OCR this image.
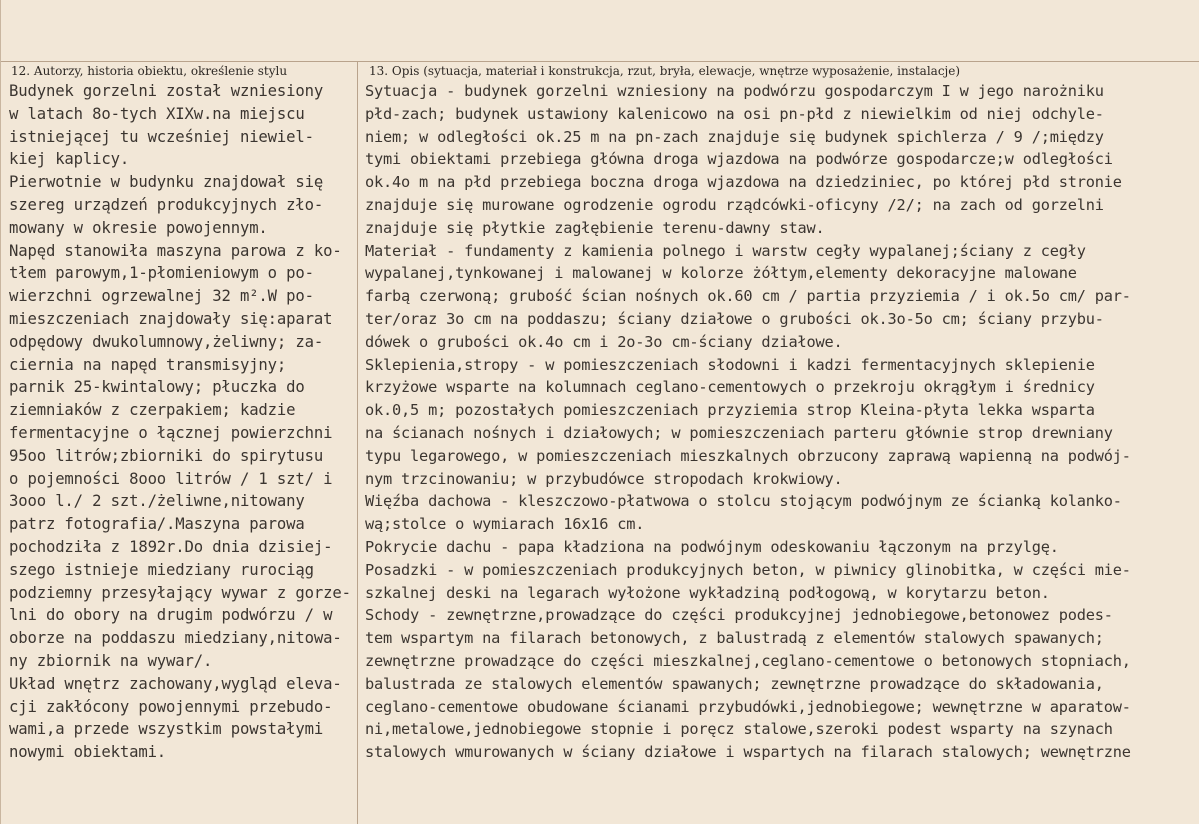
12. Autorzy, historia obiektu, określenie stylu	13. Opis (sytuacja, materiał i konstrukcja, rzut, bryła, elewacje, wnętrze wyposażenie, instalacje)
Budynek gorzelni został wzniesiony
w latach 8o-tych XIXw.na miejscu
istniejącej tu wcześniej niewiel-
kiej kaplicy.
Pierwotnie w budynku znajdował się
szereg urządzeń produkcyjnych zło-
mowany w okresie powojennym.
Napęd stanowiła maszyna parowa z ko-
tłem parowym,1-płomieniowym o po-
wierzchni ogrzewalnej 32 m².W po-
mieszczeniach znajdowały się:aparat
odpędowy dwukolumnowy,żeliwny; za-
ciernia na napęd transmisyjny;
parnik 25-kwintalowy; płuczka do
ziemniaków z czerpakiem; kadzie
fermentacyjne o łącznej powierzchni
95oo litrów;zbiorniki do spirytusu
o pojemności 8ooo litrów / 1 szt/ i
3ooo l./ 2 szt./żeliwne,nitowany
patrz fotografia/.Maszyna parowa
pochodziła z 1892r.Do dnia dzisiej-
szego istnieje miedziany rurociąg
podziemny przesyłający wywar z gorze-
lni do obory na drugim podwórzu / w
oborze na poddaszu miedziany,nitowa-
ny zbiornik na wywar/.
Układ wnętrz zachowany,wygląd eleva-
cji zakłócony powojennymi przebudo-
wami,a przede wszystkim powstałymi
nowymi obiektami.
Sytuacja - budynek gorzelni wzniesiony na podwórzu gospodarczym I w jego narożniku
płd-zach; budynek ustawiony kalenicowo na osi pn-płd z niewielkim od niej odchyle-
niem; w odległości ok.25 m na pn-zach znajduje się budynek spichlerza / 9 /;między
tymi obiektami przebiega główna droga wjazdowa na podwórze gospodarcze;w odległości
ok.4o m na płd przebiega boczna droga wjazdowa na dziedziniec, po której płd stronie
znajduje się murowane ogrodzenie ogrodu rządcówki-oficyny /2/; na zach od gorzelni
znajduje się płytkie zagłębienie terenu-dawny staw.
Materiał - fundamenty z kamienia polnego i warstw cegły wypalanej;ściany z cegły
wypalanej,tynkowanej i malowanej w kolorze żółtym,elementy dekoracyjne malowane
farbą czerwoną; grubość ścian nośnych ok.60 cm / partia przyziemia / i ok.5o cm/ par-
ter/oraz 3o cm na poddaszu; ściany działowe o grubości ok.3o-5o cm; ściany przybu-
dówek o grubości ok.4o cm i 2o-3o cm-ściany działowe.
Sklepienia,stropy - w pomieszczeniach słodowni i kadzi fermentacyjnych sklepienie
krzyżowe wsparte na kolumnach ceglano-cementowych o przekroju okrągłym i średnicy
ok.0,5 m; pozostałych pomieszczeniach przyziemia strop Kleina-płyta lekka wsparta
na ścianach nośnych i działowych; w pomieszczeniach parteru głównie strop drewniany
typu legarowego, w pomieszczeniach mieszkalnych obrzucony zaprawą wapienną na podwój-
nym trzcinowaniu; w przybudówce stropodach krokwiowy.
Więźba dachowa - kleszczowo-płatwowa o stolcu stojącym podwójnym ze ścianką kolanko-
wą;stolce o wymiarach 16x16 cm.
Pokrycie dachu - papa kładziona na podwójnym odeskowaniu łączonym na przylgę.
Posadzki - w pomieszczeniach produkcyjnych beton, w piwnicy glinobitka, w części mie-
szkalnej deski na legarach wyłożone wykładziną podłogową, w korytarzu beton.
Schody - zewnętrzne,prowadzące do części produkcyjnej jednobiegowe,betonowez podes-
tem wspartym na filarach betonowych, z balustradą z elementów stalowych spawanych;
zewnętrzne prowadzące do części mieszkalnej,ceglano-cementowe o betonowych stopniach,
balustrada ze stalowych elementów spawanych; zewnętrzne prowadzące do składowania,
ceglano-cementowe obudowane ścianami przybudówki,jednobiegowe; wewnętrzne w aparatow-
ni,metalowe,jednobiegowe stopnie i poręcz stalowe,szeroki podest wsparty na szynach
stalowych wmurowanych w ściany działowe i wspartych na filarach stalowych; wewnętrzne
